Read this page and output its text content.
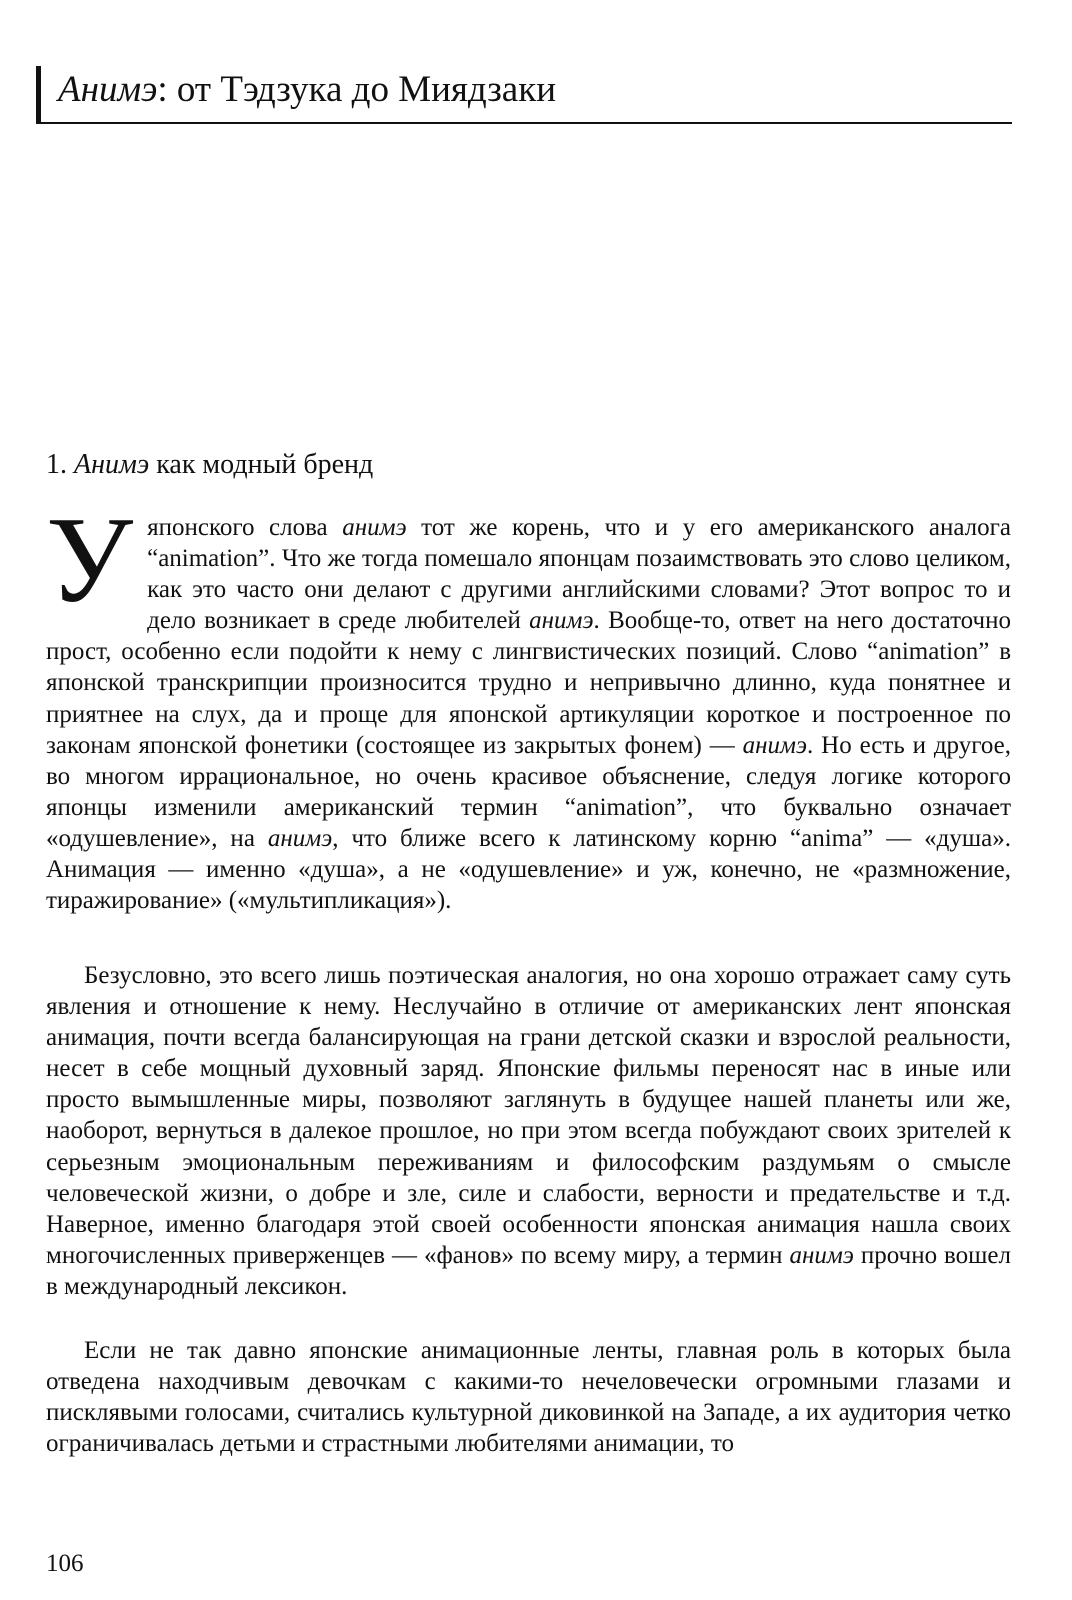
Анимэ: от Тэдзука до Миядзаки
1. Анимэ как модный бренд

Уяпонского слова анимэ тот же корень, что и у его американского аналога “animation”. Что же тогда помешало японцам позаимствовать это слово целиком, как это часто они делают с другими английскими словами? Этот вопрос то и дело возникает в среде любителей анимэ. Вообще-то, ответ на него достаточно прост, особенно если подойти к нему с лингвистических позиций. Слово “animation” в японской транскрипции произносится трудно и непривычно длинно, куда понятнее и приятнее на слух, да и проще для японской артикуляции короткое и построенное по законам японской фонетики (состоящее из закрытых фонем) — анимэ. Но есть и другое, во многом иррациональное, но очень красивое объяснение, следуя логике которого японцы изменили американский термин “animation”, что буквально означает «одушевление», на анимэ, что ближе всего к латинскому корню “anima” — «душа». Анимация — именно «душа», а не «одушевление» и уж, конечно, не «размножение, тиражирование» («мультипликация»).

Безусловно, это всего лишь поэтическая аналогия, но она хорошо отражает саму суть явления и отношение к нему. Неслучайно в отличие от американских лент японская анимация, почти всегда балансирующая на грани детской сказки и взрослой реальности, несет в себе мощный духовный заряд. Японские фильмы переносят нас в иные или просто вымышленные миры, позволяют заглянуть в будущее нашей планеты или же, наоборот, вернуться в далекое прошлое, но при этом всегда побуждают своих зрителей к серьезным эмоциональным переживаниям и философским раздумьям о смысле человеческой жизни, о добре и зле, силе и слабости, верности и предательстве и т.д. Наверное, именно благодаря этой своей особенности японская анимация нашла своих многочисленных приверженцев — «фанов» по всему миру, а термин анимэ прочно вошел в международный лексикон.

Если не так давно японские анимационные ленты, главная роль в которых была отведена находчивым девочкам с какими-то нечеловечески огромными глазами и писклявыми голосами, считались культурной диковинкой на Западе, а их аудитория четко ограничивалась детьми и страстными любителями анимации, то

106
